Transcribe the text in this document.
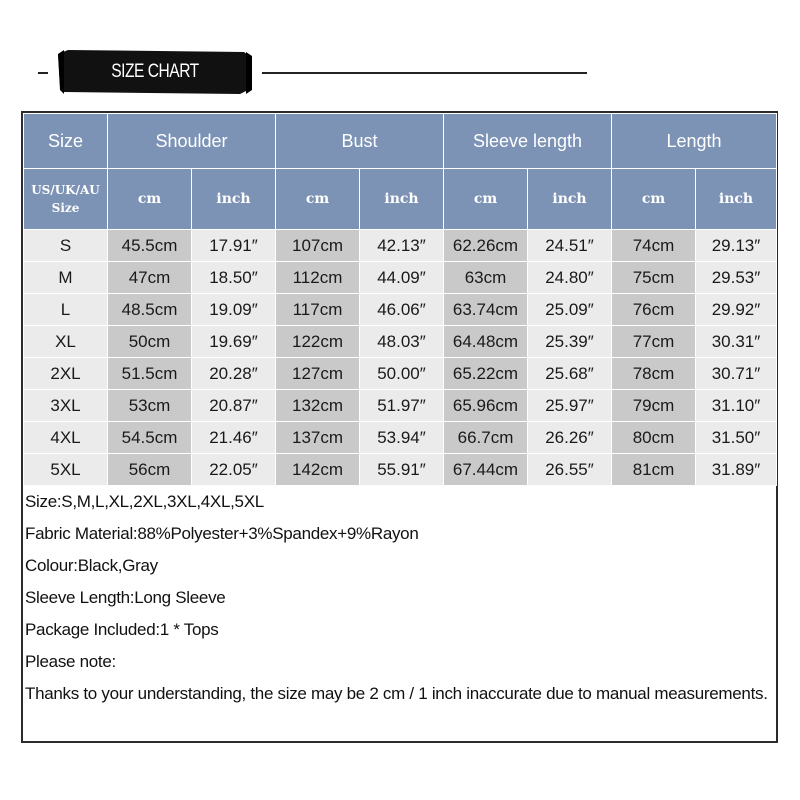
SIZE CHART
Size	Shoulder		Bust		Sleeve length		Length	

US/UK/AU
Size	cm	inch	cm	inch	cm	inch	cm	inch
S	45.5cm	17.91″	107cm	42.13″	62.26cm	24.51″	74cm	29.13″
M	47cm	18.50″	112cm	44.09″	63cm	24.80″	75cm	29.53″
L	48.5cm	19.09″	117cm	46.06″	63.74cm	25.09″	76cm	29.92″
XL	50cm	19.69″	122cm	48.03″	64.48cm	25.39″	77cm	30.31″
2XL	51.5cm	20.28″	127cm	50.00″	65.22cm	25.68″	78cm	30.71″
3XL	53cm	20.87″	132cm	51.97″	65.96cm	25.97″	79cm	31.10″
4XL	54.5cm	21.46″	137cm	53.94″	66.7cm	26.26″	80cm	31.50″
5XL	56cm	22.05″	142cm	55.91″	67.44cm	26.55″	81cm	31.89″
Size:S,M,L,XL,2XL,3XL,4XL,5XL
Fabric Material:88%Polyester+3%Spandex+9%Rayon
Colour:Black,Gray
Sleeve Length:Long Sleeve
Package Included:1 * Tops
Please note:
Thanks to your understanding, the size may be 2 cm / 1 inch inaccurate due to manual measurements.
